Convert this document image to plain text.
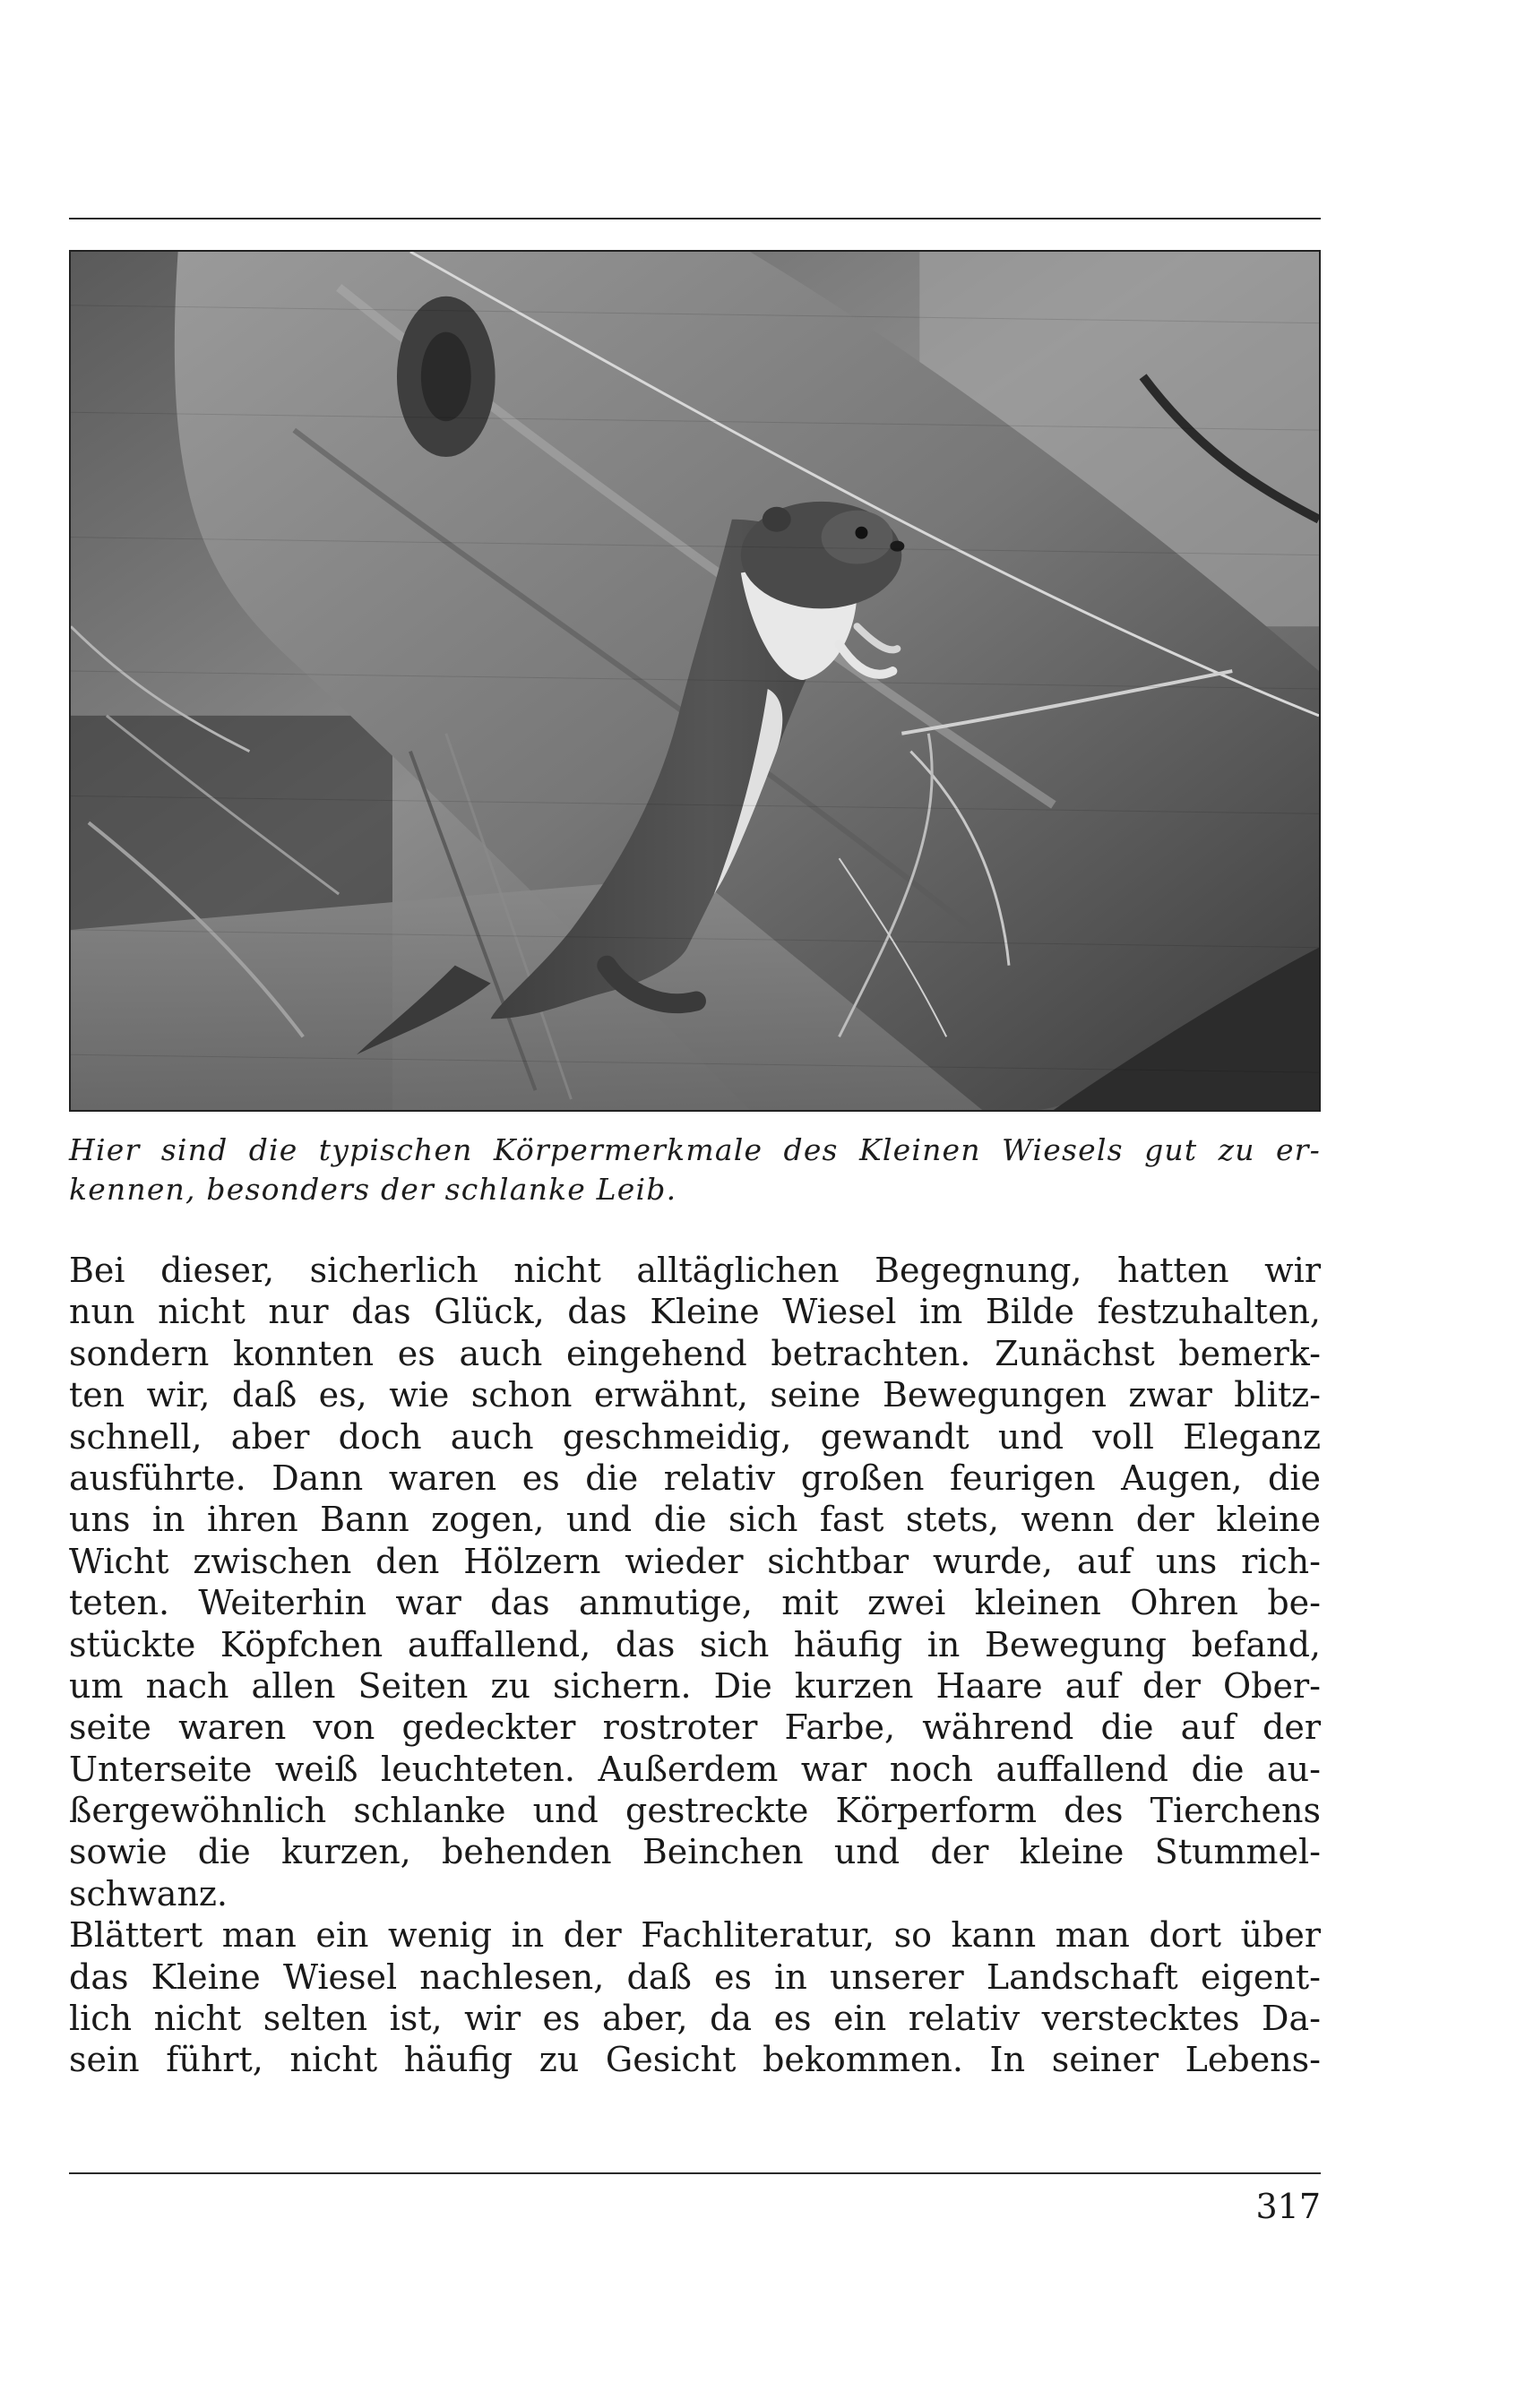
Hier sind die typischen Körpermerkmale des Kleinen Wiesels gut zu er-
kennen, besonders der schlanke Leib.
Bei dieser, sicherlich nicht alltäglichen Begegnung, hatten wir
nun nicht nur das Glück, das Kleine Wiesel im Bilde festzuhalten,
sondern konnten es auch eingehend betrachten. Zunächst bemerk-
ten wir, daß es, wie schon erwähnt, seine Bewegungen zwar blitz-
schnell, aber doch auch geschmeidig, gewandt und voll Eleganz
ausführte. Dann waren es die relativ großen feurigen Augen, die
uns in ihren Bann zogen, und die sich fast stets, wenn der kleine
Wicht zwischen den Hölzern wieder sichtbar wurde, auf uns rich-
teten. Weiterhin war das anmutige, mit zwei kleinen Ohren be-
stückte Köpfchen auffallend, das sich häufig in Bewegung befand,
um nach allen Seiten zu sichern. Die kurzen Haare auf der Ober-
seite waren von gedeckter rostroter Farbe, während die auf der
Unterseite weiß leuchteten. Außerdem war noch auffallend die au-
ßergewöhnlich schlanke und gestreckte Körperform des Tierchens
sowie die kurzen, behenden Beinchen und der kleine Stummel-
schwanz.
Blättert man ein wenig in der Fachliteratur, so kann man dort über
das Kleine Wiesel nachlesen, daß es in unserer Landschaft eigent-
lich nicht selten ist, wir es aber, da es ein relativ verstecktes Da-
sein führt, nicht häufig zu Gesicht bekommen. In seiner Lebens-
317
